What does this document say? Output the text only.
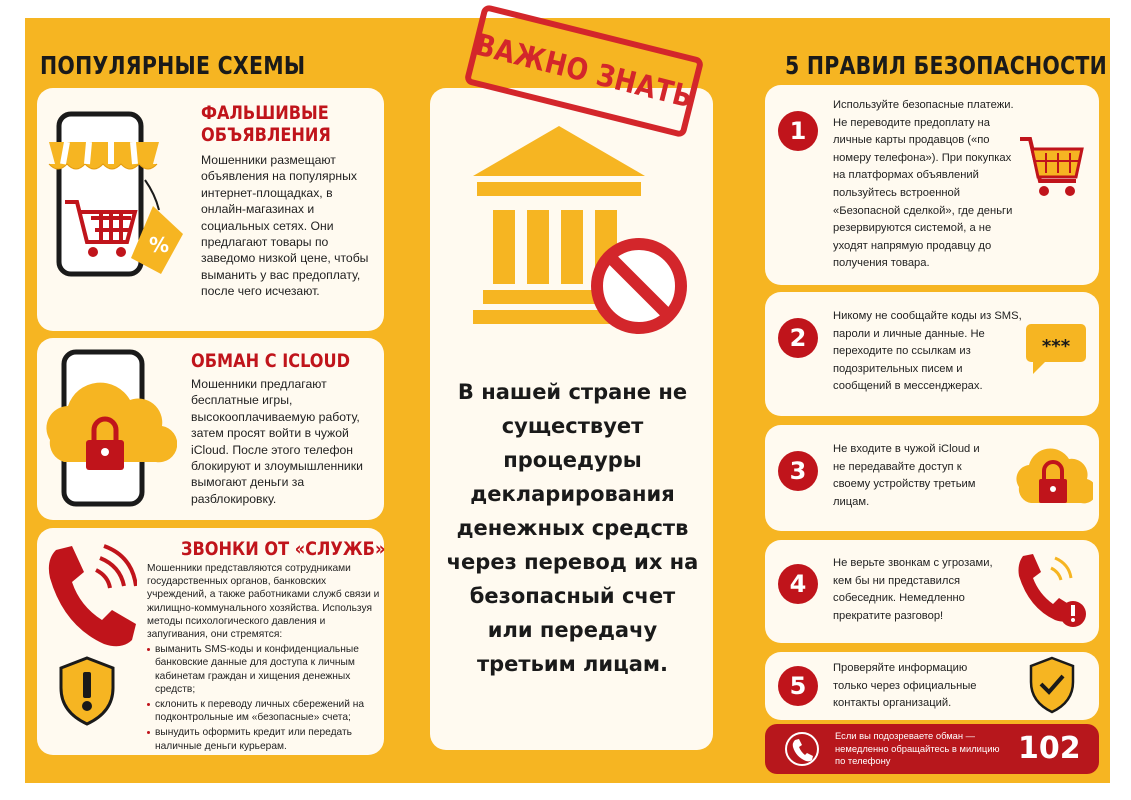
ПОПУЛЯРНЫЕ СХЕМЫ	5 ПРАВИЛ БЕЗОПАСНОСТИ
%
ФАЛЬШИВЫЕ
ОБЪЯВЛЕНИЯ
Мошенники размещают объявления на популярных интернет-площадках, в онлайн-магазинах и социальных сетях. Они предлагают товары по заведомо низкой цене, чтобы выманить у вас предоплату, после чего исчезают.
ОБМАН С ICLOUD
Мошенники предлагают бесплатные игры, высокооплачиваемую работу, затем просят войти в чужой iCloud. После этого телефон блокируют и злоумышленники вымогают деньги за разблокировку.
ЗВОНКИ ОТ «СЛУЖБ»
Мошенники представляются сотрудниками государственных органов, банковских учреждений, а также работниками служб связи и жилищно-коммунального хозяйства. Используя методы психологического давления и запугивания, они стремятся:
выманить SMS-коды и конфиденциальные банковские данные для доступа к личным кабинетам граждан и хищения денежных средств;
склонить к переводу личных сбережений на подконтрольные им «безопасные» счета;
вынудить оформить кредит или передать наличные деньги курьерам.
ВАЖНО ЗНАТЬ
В нашей стране не существует процедуры декларирования денежных средств через перевод их на безопасный счет или передачу третьим лицам.
1
Используйте безопасные платежи. Не переводите предоплату на личные карты продавцов («по номеру телефона»). При покупках на платформах объявлений пользуйтесь встроенной «Безопасной сделкой», где деньги резервируются системой, а не уходят напрямую продавцу до получения товара.
2
Никому не сообщайте коды из SMS, пароли и личные данные. Не переходите по ссылкам из подозрительных писем и сообщений в мессенджерах.
***
3
Не входите в чужой iCloud и не передавайте доступ к своему устройству третьим лицам.
4
Не верьте звонкам с угрозами, кем бы ни представился собеседник. Немедленно прекратите разговор!
5
Проверяйте информацию только через официальные контакты организаций.
Если вы подозреваете обман — немедленно обращайтесь в милицию по телефону	102
